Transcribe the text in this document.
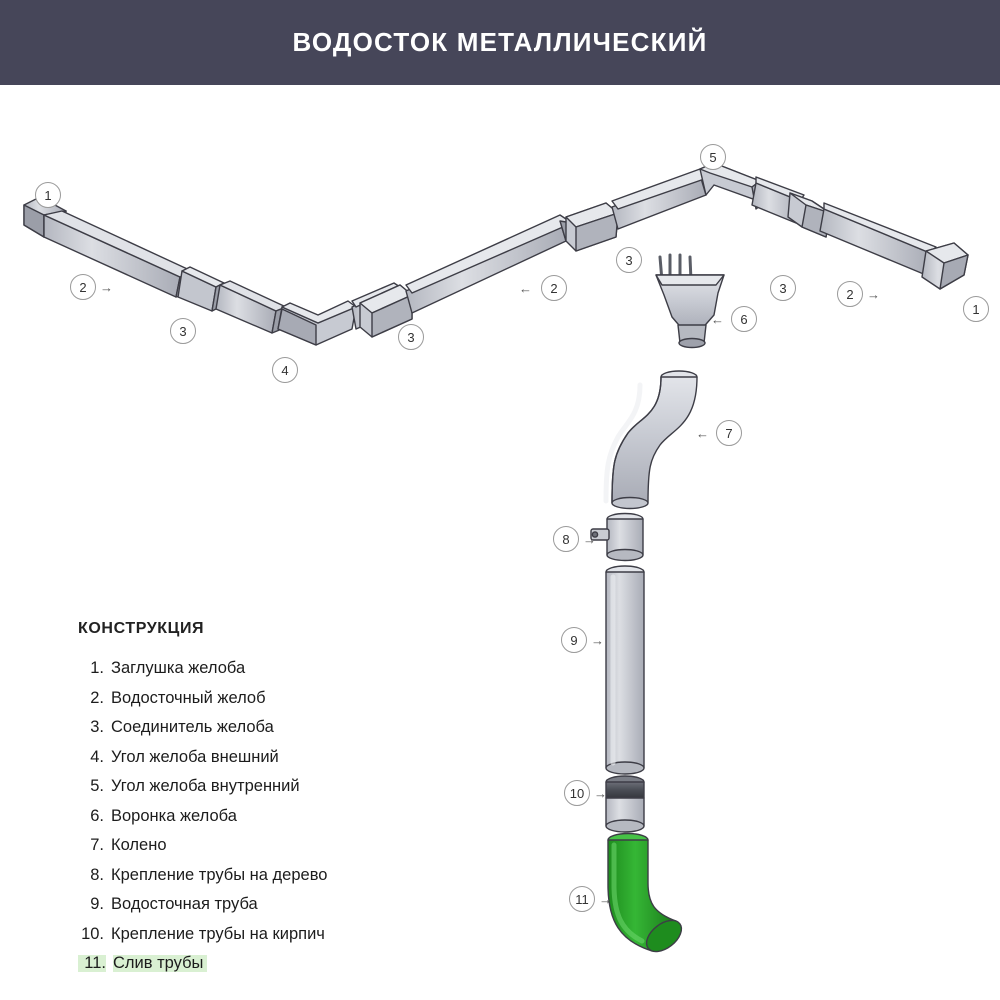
ВОДОСТОК МЕТАЛЛИЧЕСКИЙ
1
2	→
3
4
3
2
←
3
5
3	2	→
1
6
←
7
←
8	→
9	→
10 →
11 →
КОНСТРУКЦИЯ
1. Заглушка желоба
2. Водосточный желоб
3. Соединитель желоба
4. Угол желоба внешний
5. Угол желоба внутренний
6. Воронка желоба
7. Колено
8. Крепление трубы на дерево
9. Водосточная труба
10. Крепление трубы на кирпич
11. Слив трубы
